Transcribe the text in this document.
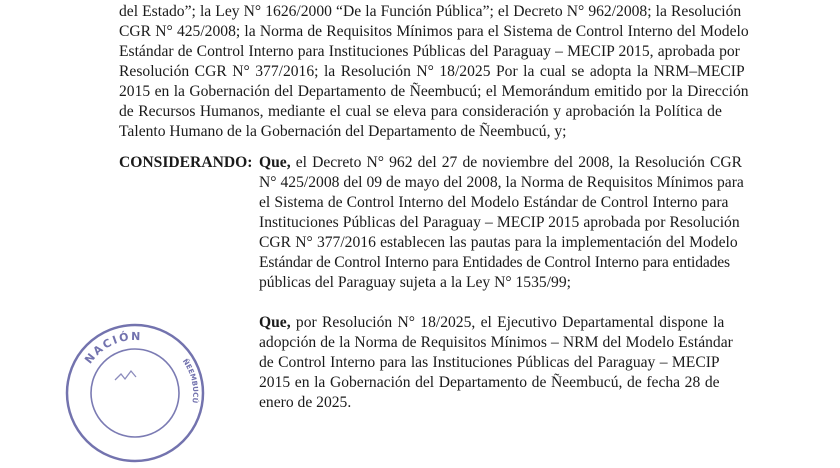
del Estado”; la Ley N° 1626/2000 “De la Función Pública”; el Decreto N° 962/2008; la Resolución
CGR N° 425/2008; la Norma de Requisitos Mínimos para el Sistema de Control Interno del Modelo
Estándar de Control Interno para Instituciones Públicas del Paraguay – MECIP 2015, aprobada por
Resolución CGR N° 377/2016; la Resolución N° 18/2025 Por la cual se adopta la NRM–MECIP
2015 en la Gobernación del Departamento de Ñeembucú; el Memorándum emitido por la Dirección
de Recursos Humanos, mediante el cual se eleva para consideración y aprobación la Política de
Talento Humano de la Gobernación del Departamento de Ñeembucú, y;
CONSIDERANDO: Que, el Decreto N° 962 del 27 de noviembre del 2008, la Resolución CGR
N° 425/2008 del 09 de mayo del 2008, la Norma de Requisitos Mínimos para
el Sistema de Control Interno del Modelo Estándar de Control Interno para
Instituciones Públicas del Paraguay – MECIP 2015 aprobada por Resolución
CGR N° 377/2016 establecen las pautas para la implementación del Modelo
Estándar de Control Interno para Entidades de Control Interno para entidades
públicas del Paraguay sujeta a la Ley N° 1535/99;
Que, por Resolución N° 18/2025, el Ejecutivo Departamental dispone la
adopción de la Norma de Requisitos Mínimos – NRM del Modelo Estándar
de Control Interno para las Instituciones Públicas del Paraguay – MECIP
2015 en la Gobernación del Departamento de Ñeembucú, de fecha 28 de
enero de 2025.
NACIÓN
ÑEEMBUCÚ
